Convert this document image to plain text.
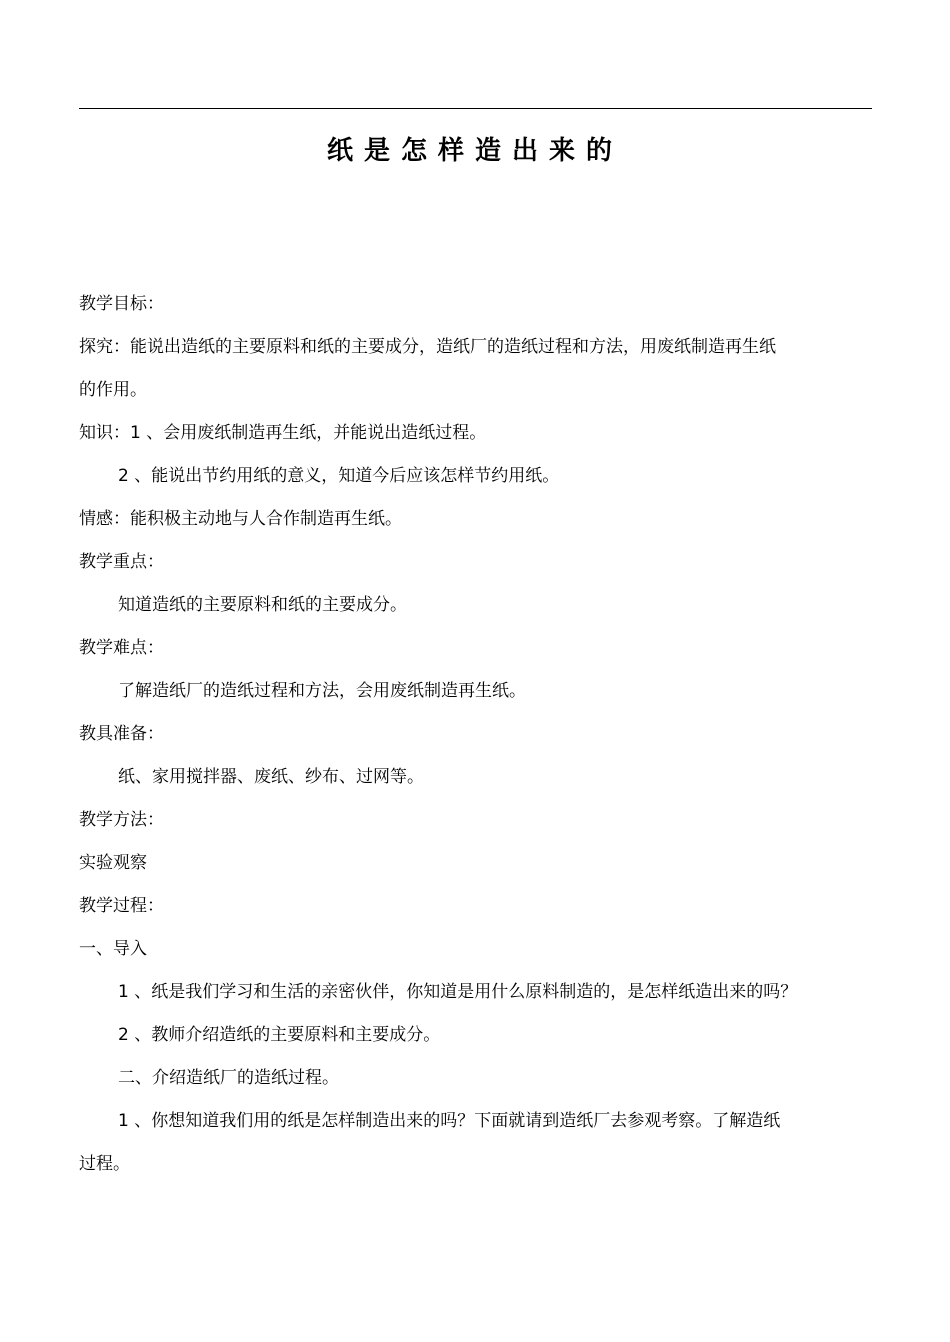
纸是怎样造出来的
教学目标：
探究：能说出造纸的主要原料和纸的主要成分，造纸厂的造纸过程和方法，用废纸制造再生纸
的作用。
知识：1 、会用废纸制造再生纸，并能说出造纸过程。
2 、能说出节约用纸的意义，知道今后应该怎样节约用纸。
情感：能积极主动地与人合作制造再生纸。
教学重点：
知道造纸的主要原料和纸的主要成分。
教学难点：
了解造纸厂的造纸过程和方法，会用废纸制造再生纸。
教具准备：
纸、家用搅拌器、废纸、纱布、过网等。
教学方法：
实验观察
教学过程：
一、导入
1 、纸是我们学习和生活的亲密伙伴，你知道是用什么原料制造的，是怎样纸造出来的吗？
2 、教师介绍造纸的主要原料和主要成分。
二、介绍造纸厂的造纸过程。
1 、你想知道我们用的纸是怎样制造出来的吗？下面就请到造纸厂去参观考察。了解造纸
过程。
